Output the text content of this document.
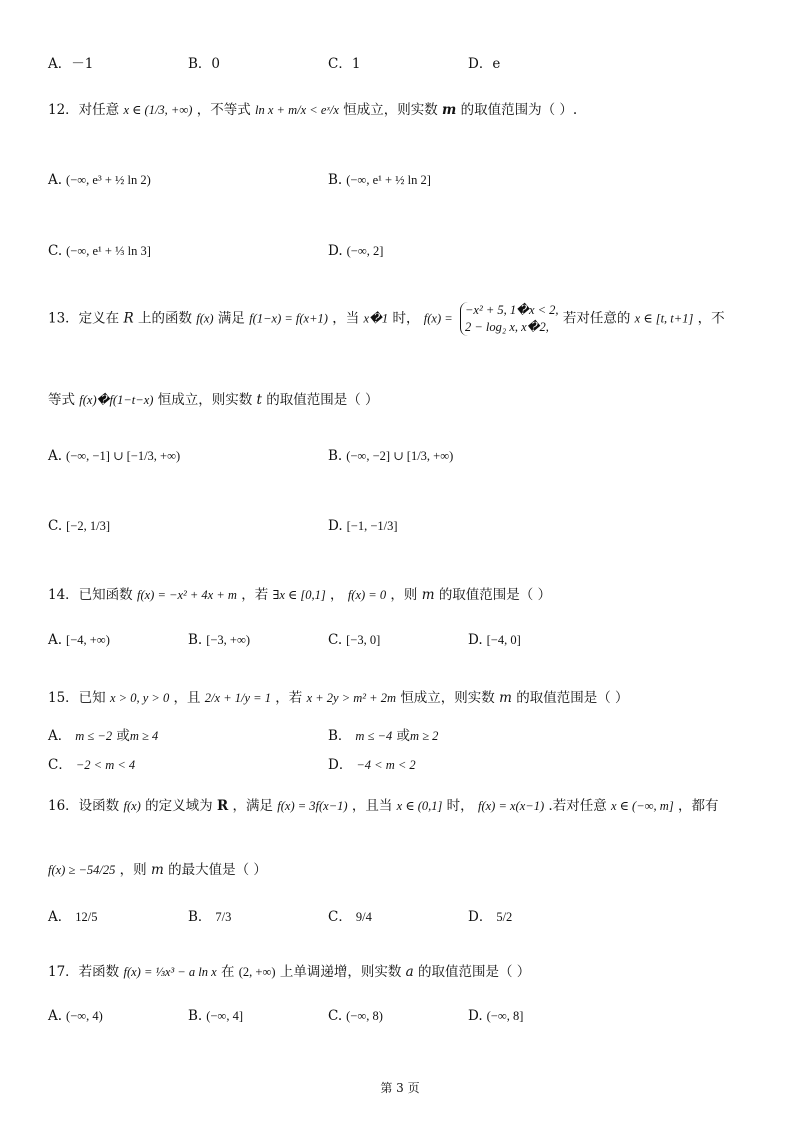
A．－1	B．0	C．1	D．e
12．对任意 x ∈ (1/3, +∞) ，不等式 ln x + m/x < eˣ/x 恒成立，则实数 m 的取值范围为（ ）.
A. (−∞, e³ + ½ ln 2)	B. (−∞, e¹ + ½ ln 2]
C. (−∞, e¹ + ⅓ ln 3]	D. (−∞, 2]
13．定义在 R 上的函数 f(x) 满足 f(1−x) = f(x+1) ，当 x�1 时， f(x) =
−x² + 5, 1�x < 2,
2 − log₂ x, x�2,
若对任意的 x ∈ [t, t+1] ，不
等式 f(x)�f(1−t−x) 恒成立，则实数 t 的取值范围是（ ）
A. (−∞, −1] ∪ [−1/3, +∞)	B. (−∞, −2] ∪ [1/3, +∞)
C. [−2, 1/3]	D. [−1, −1/3]
14．已知函数 f(x) = −x² + 4x + m ，若 ∃x ∈ [0,1] ， f(x) = 0 ，则 m 的取值范围是（ ）
A. [−4, +∞)	B. [−3, +∞)	C. [−3, 0]	D. [−4, 0]
15．已知 x > 0, y > 0 ，且 2/x + 1/y = 1 ，若 x + 2y > m² + 2m 恒成立，则实数 m 的取值范围是（ ）
A． m ≤ −2 或m ≥ 4	B． m ≤ −4 或m ≥ 2
C． −2 < m < 4	D． −4 < m < 2
16．设函数 f(x) 的定义域为 R ，满足 f(x) = 3f(x−1) ，且当 x ∈ (0,1] 时， f(x) = x(x−1) .若对任意 x ∈ (−∞, m] ，都有
f(x) ≥ −54/25 ，则 m 的最大值是（ ）
A． 12/5	B． 7/3	C． 9/4	D． 5/2
17．若函数 f(x) = ⅓x³ − a ln x 在 (2, +∞) 上单调递增，则实数 a 的取值范围是（ ）
A. (−∞, 4)	B. (−∞, 4]	C. (−∞, 8)	D. (−∞, 8]
第 3 页
